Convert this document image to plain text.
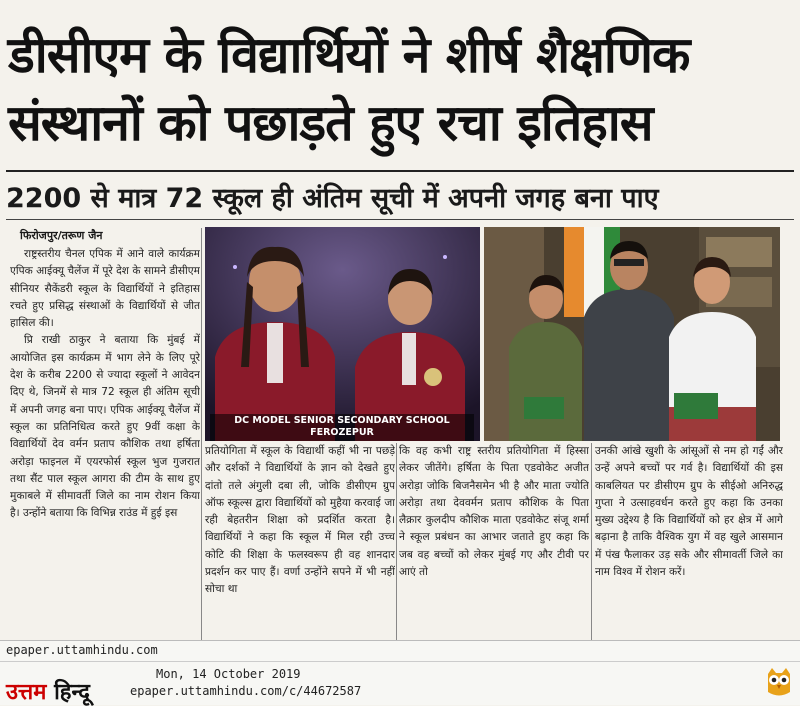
डीसीएम के विद्यार्थियों ने शीर्ष शैक्षणिक
संस्थानों को पछाड़ते हुए रचा इतिहास
2200 से मात्र 72 स्कूल ही अंतिम सूची में अपनी जगह बना पाए
फिरोजपुर/तरूण जैन

राष्ट्रस्तरीय चैनल एपिक में आने वाले कार्यक्रम एपिक आईक्यू चैलेंज में पूरे देश के सामने डीसीएम सीनियर सैकेंडरी स्कूल के विद्यार्थियों ने इतिहास रचते हुए प्रसिद्ध संस्थाओं के विद्यार्थियों से जीत हासिल की।

प्रि राखी ठाकुर ने बताया कि मुंबई में आयोजित इस कार्यक्रम में भाग लेने के लिए पूरे देश के करीब 2200 से ज्यादा स्कूलों ने आवेदन दिए थे, जिनमें से मात्र 72 स्कूल ही अंतिम सूची में अपनी जगह बना पाए। एपिक आईक्यू चैलेंज में स्कूल का प्रतिनिधित्व करते हुए 9वीं कक्षा के विद्यार्थियों देव वर्मन प्रताप कौशिक तथा हर्षिता अरोड़ा फाइनल में एयरफोर्स स्कूल भुज गुजरात तथा सैंट पाल स्कूल आगरा की टीम के साथ हुए मुकाबले में सीमावर्ती जिले का नाम रोशन किया है। उन्होंने बताया कि विभिन्न राउंड में हुई इस

DC MODEL SENIOR SECONDARY SCHOOL
FEROZEPUR
प्रतियोगिता में स्कूल के विद्यार्थी कहीं भी ना पछड़े और दर्शकों ने विद्यार्थियों के ज्ञान को देखते हुए दांतो तले अंगुली दबा ली, जोकि डीसीएम ग्रुप ऑफ स्कूल्स द्वारा विद्यार्थियों को मुहैया करवाई जा रही बेहतरीन शिक्षा को प्रदर्शित करता है। विद्यार्थियों ने कहा कि स्कूल में मिल रही उच्च कोटि की शिक्षा के फलस्वरूप ही वह शानदार प्रदर्शन कर पाए हैं। वर्णा उन्होंने सपने में भी नहीं सोचा था
कि वह कभी राष्ट्र स्तरीय प्रतियोगिता में हिस्सा लेकर जीतेंगे। हर्षिता के पिता एडवोकेट अजीत अरोड़ा जोकि बिजनैसमेन भी है और माता ज्योति अरोड़ा तथा देववर्मन प्रताप कौशिक के पिता लैक्रार कुलदीप कौशिक माता एडवोकेट संजू शर्मा ने स्कूल प्रबंधन का आभार जताते हुए कहा कि जब वह बच्चों को लेकर मुंबई गए और टीवी पर आएं तो
उनकी आंखे खुशी के आंसूओं से नम हो गईं और उन्हें अपने बच्चों पर गर्व है। विद्यार्थियों की इस काबलियत पर डीसीएम ग्रुप के सीईओ अनिरुद्ध गुप्ता ने उत्साहवर्धन करते हुए कहा कि उनका मुख्य उद्देश्य है कि विद्यार्थियों को हर क्षेत्र में आगे बढ़ाना है ताकि वैश्विक युग में वह खुले आसमान में पंख फैलाकर उड़ सके और सीमावर्ती जिले का नाम विश्व में रोशन करें।
epaper.uttamhindu.com
उत्तम हिन्दू
Mon, 14 October 2019
epaper.uttamhindu.com/c/44672587
